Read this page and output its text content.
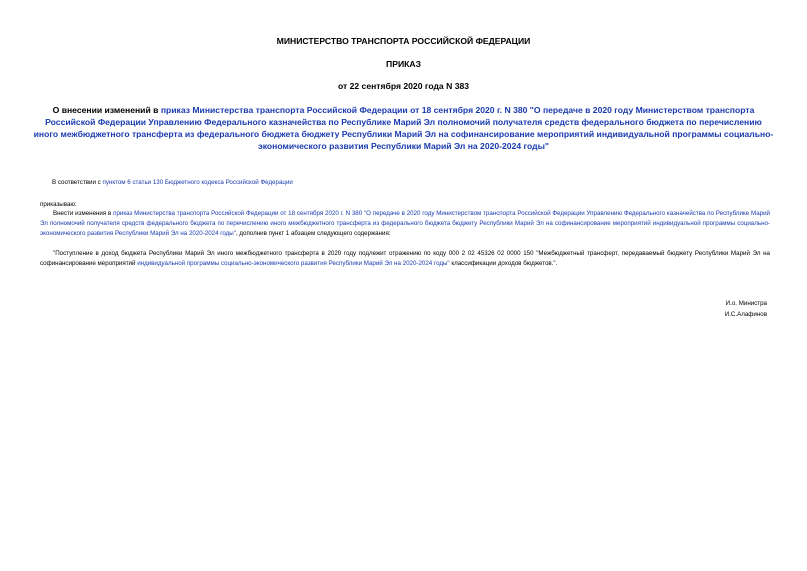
МИНИСТЕРСТВО ТРАНСПОРТА РОССИЙСКОЙ ФЕДЕРАЦИИ
ПРИКАЗ
от 22 сентября 2020 года N 383
О внесении изменений в приказ Министерства транспорта Российской Федерации от 18 сентября 2020 г. N 380 "О передаче в 2020 году Министерством транспорта Российской Федерации Управлению Федерального казначейства по Республике Марий Эл полномочий получателя средств федерального бюджета по перечислению иного межбюджетного трансферта из федерального бюджета бюджету Республики Марий Эл на софинансирование мероприятий индивидуальной программы социально-экономического развития Республики Марий Эл на 2020-2024 годы"
В соответствии с пунктом 6 статьи 130 Бюджетного кодекса Российской Федерации
приказываю:
Внести изменения в приказ Министерства транспорта Российской Федерации от 18 сентября 2020 г. N 380 "О передаче в 2020 году Министерством транспорта Российской Федерации Управлению Федерального казначейства по Республике Марий Эл полномочий получателя средств федерального бюджета по перечислению иного межбюджетного трансферта из федерального бюджета бюджету Республики Марий Эл на софинансирование мероприятий индивидуальной программы социально-экономического развития Республики Марий Эл на 2020-2024 годы", дополнив пункт 1 абзацем следующего содержания:
"Поступление в доход бюджета Республики Марий Эл иного межбюджетного трансферта в 2020 году подлежит отражению по коду 000 2 02 45326 02 0000 150 "Межбюджетный трансферт, передаваемый бюджету Республики Марий Эл на софинансирование мероприятий индивидуальной программы социально-экономического развития Республики Марий Эл на 2020-2024 годы" классификации доходов бюджетов.".
И.о. Министра
И.С.Алафинов
